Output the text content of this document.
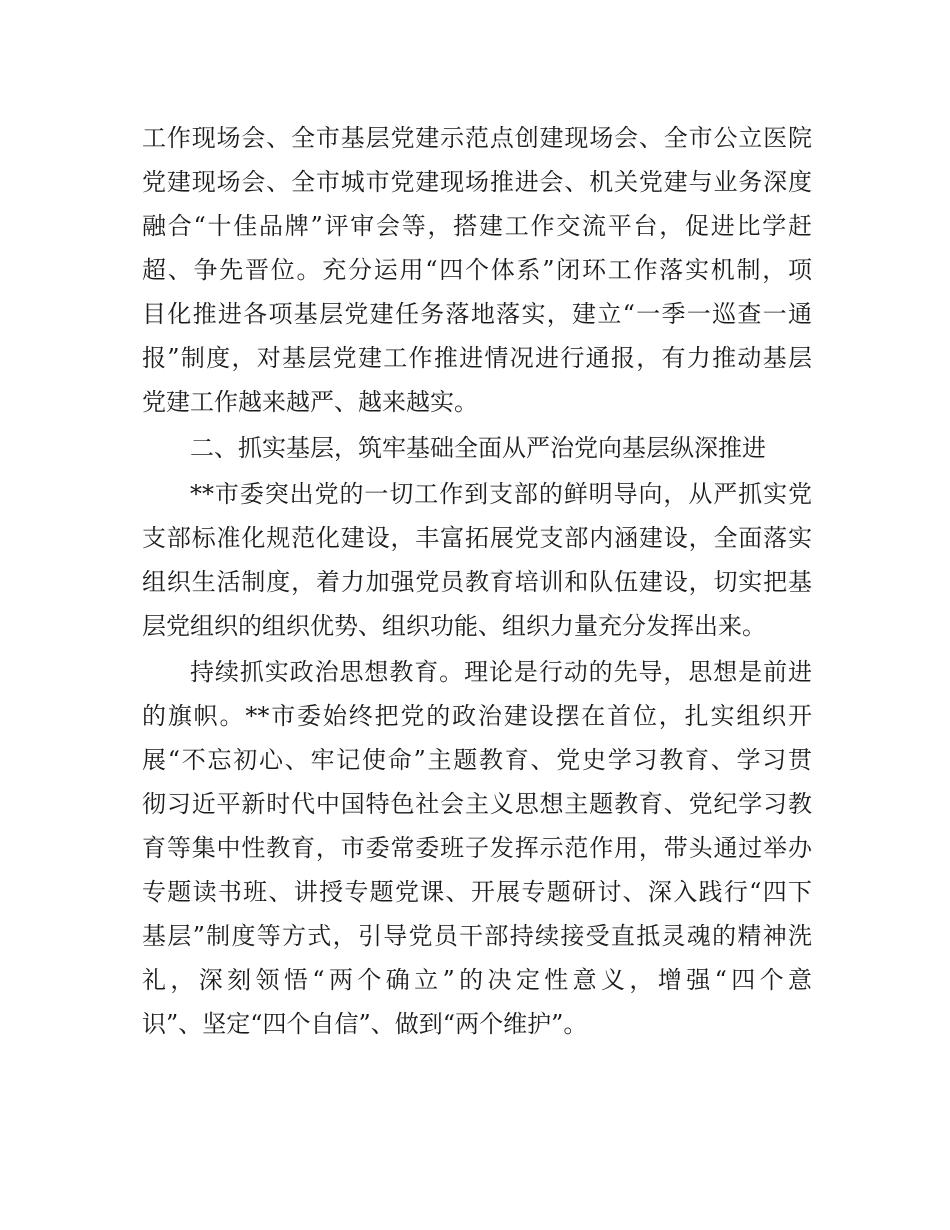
工作现场会、全市基层党建示范点创建现场会、全市公立医院
党建现场会、全市城市党建现场推进会、机关党建与业务深度
融合“十佳品牌”评审会等，搭建工作交流平台，促进比学赶
超、争先晋位。充分运用“四个体系”闭环工作落实机制，项
目化推进各项基层党建任务落地落实，建立“一季一巡查一通
报”制度，对基层党建工作推进情况进行通报，有力推动基层
党建工作越来越严、越来越实。
二、抓实基层，筑牢基础全面从严治党向基层纵深推进
**市委突出党的一切工作到支部的鲜明导向，从严抓实党
支部标准化规范化建设，丰富拓展党支部内涵建设，全面落实
组织生活制度，着力加强党员教育培训和队伍建设，切实把基
层党组织的组织优势、组织功能、组织力量充分发挥出来。
持续抓实政治思想教育。理论是行动的先导，思想是前进
的旗帜。**市委始终把党的政治建设摆在首位，扎实组织开
展“不忘初心、牢记使命”主题教育、党史学习教育、学习贯
彻习近平新时代中国特色社会主义思想主题教育、党纪学习教
育等集中性教育，市委常委班子发挥示范作用，带头通过举办
专题读书班、讲授专题党课、开展专题研讨、深入践行“四下
基层”制度等方式，引导党员干部持续接受直抵灵魂的精神洗
礼，深刻领悟“两个确立”的决定性意义，增强“四个意
识”、坚定“四个自信”、做到“两个维护”。
